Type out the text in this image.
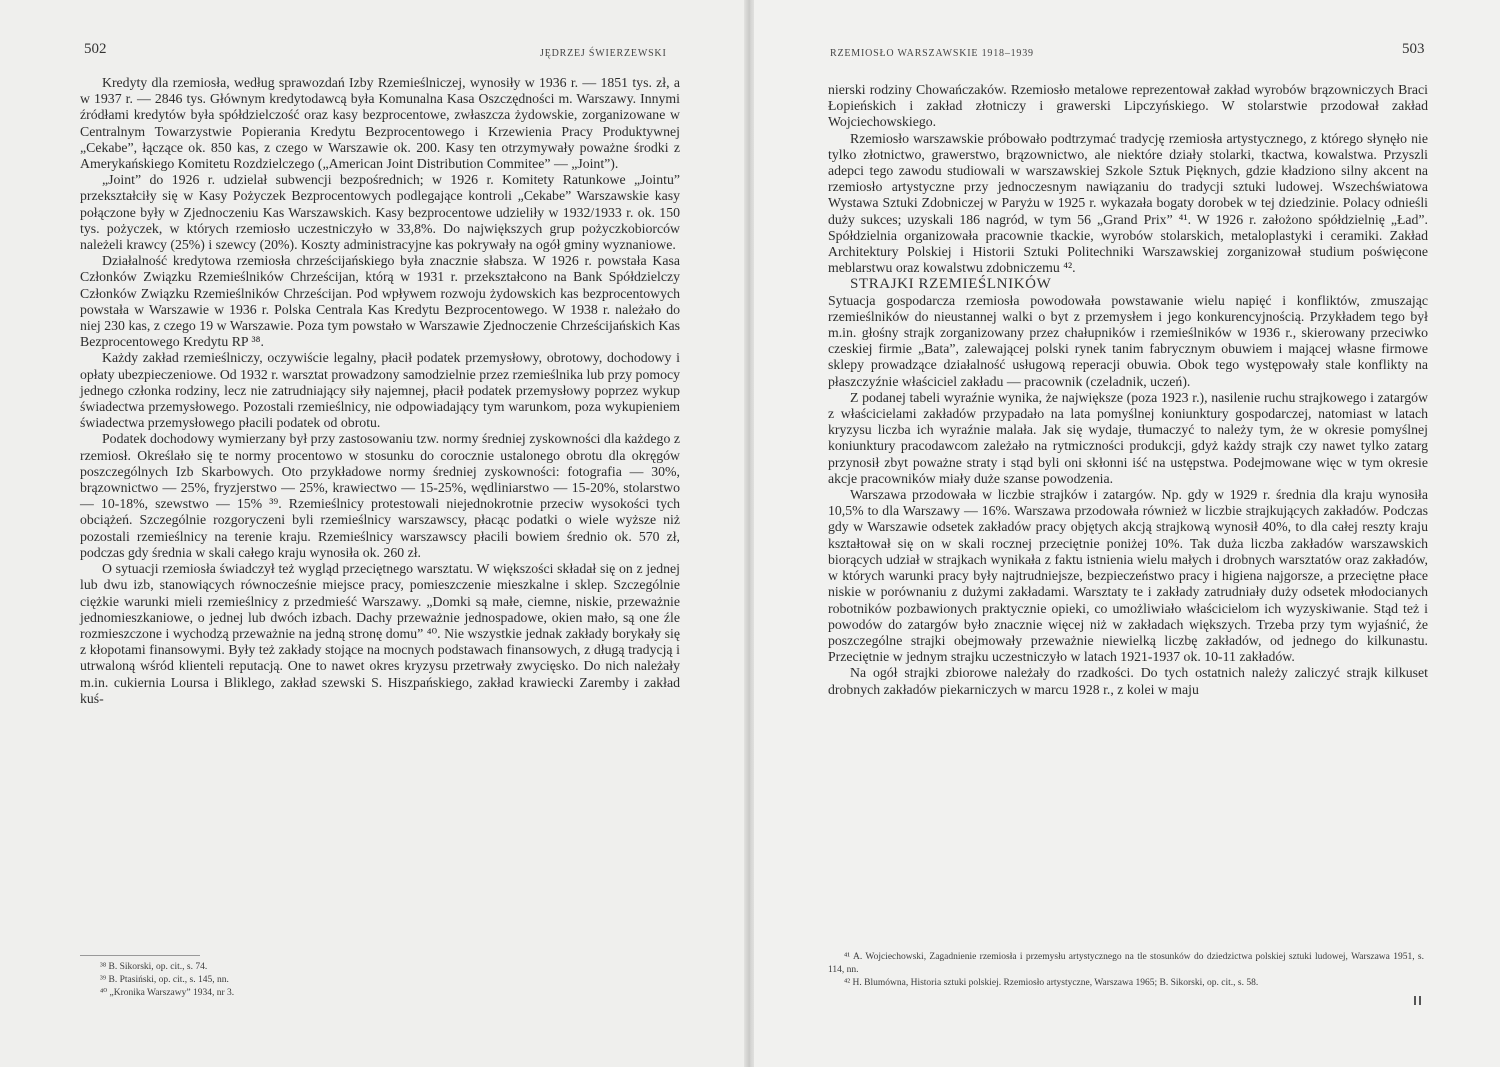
502	JĘDRZEJ ŚWIERZEWSKI

Kredyty dla rzemiosła, według sprawozdań Izby Rzemieślniczej, wynosiły w 1936 r. — 1851 tys. zł, a w 1937 r. — 2846 tys. Głównym kredytodawcą była Komunalna Kasa Oszczędności m. Warszawy. Innymi źródłami kredytów była spółdzielczość oraz kasy bezprocentowe, zwłaszcza żydowskie, zorganizowane w Centralnym Towarzystwie Popierania Kredytu Bezprocentowego i Krzewienia Pracy Produktywnej „Cekabe”, łączące ok. 850 kas, z czego w Warszawie ok. 200. Kasy ten otrzymywały poważne środki z Amerykańskiego Komitetu Rozdzielczego („American Joint Distribution Commitee” — „Joint”).

„Joint” do 1926 r. udzielał subwencji bezpośrednich; w 1926 r. Komitety Ratunkowe „Jointu” przekształciły się w Kasy Pożyczek Bezprocentowych podlegające kontroli „Cekabe” Warszawskie kasy połączone były w Zjednoczeniu Kas Warszawskich. Kasy bezprocentowe udzieliły w 1932/1933 r. ok. 150 tys. pożyczek, w których rzemiosło uczestniczyło w 33,8%. Do największych grup pożyczkobiorców należeli krawcy (25%) i szewcy (20%). Koszty administracyjne kas pokrywały na ogół gminy wyznaniowe.

Działalność kredytowa rzemiosła chrześcijańskiego była znacznie słabsza. W 1926 r. powstała Kasa Członków Związku Rzemieślników Chrześcijan, którą w 1931 r. przekształcono na Bank Spółdzielczy Członków Związku Rzemieślników Chrześcijan. Pod wpływem rozwoju żydowskich kas bezprocentowych powstała w Warszawie w 1936 r. Polska Centrala Kas Kredytu Bezprocentowego. W 1938 r. należało do niej 230 kas, z czego 19 w Warszawie. Poza tym powstało w Warszawie Zjednoczenie Chrześcijańskich Kas Bezprocentowego Kredytu RP ³⁸.

Każdy zakład rzemieślniczy, oczywiście legalny, płacił podatek przemysłowy, obrotowy, dochodowy i opłaty ubezpieczeniowe. Od 1932 r. warsztat prowadzony samodzielnie przez rzemieślnika lub przy pomocy jednego członka rodziny, lecz nie zatrudniający siły najemnej, płacił podatek przemysłowy poprzez wykup świadectwa przemysłowego. Pozostali rzemieślnicy, nie odpowiadający tym warunkom, poza wykupieniem świadectwa przemysłowego płacili podatek od obrotu.

Podatek dochodowy wymierzany był przy zastosowaniu tzw. normy średniej zyskowności dla każdego z rzemiosł. Określało się te normy procentowo w stosunku do corocznie ustalonego obrotu dla okręgów poszczególnych Izb Skarbowych. Oto przykładowe normy średniej zyskowności: fotografia — 30%, brązownictwo — 25%, fryzjerstwo — 25%, krawiectwo — 15-25%, wędliniarstwo — 15-20%, stolarstwo — 10-18%, szewstwo — 15% ³⁹. Rzemieślnicy protestowali niejednokrotnie przeciw wysokości tych obciążeń. Szczególnie rozgoryczeni byli rzemieślnicy warszawscy, płacąc podatki o wiele wyższe niż pozostali rzemieślnicy na terenie kraju. Rzemieślnicy warszawscy płacili bowiem średnio ok. 570 zł, podczas gdy średnia w skali całego kraju wynosiła ok. 260 zł.

O sytuacji rzemiosła świadczył też wygląd przeciętnego warsztatu. W większości składał się on z jednej lub dwu izb, stanowiących równocześnie miejsce pracy, pomieszczenie mieszkalne i sklep. Szczególnie ciężkie warunki mieli rzemieślnicy z przedmieść Warszawy. „Domki są małe, ciemne, niskie, przeważnie jednomieszkaniowe, o jednej lub dwóch izbach. Dachy przeważnie jednospadowe, okien mało, są one źle rozmieszczone i wychodzą przeważnie na jedną stronę domu” ⁴⁰. Nie wszystkie jednak zakłady borykały się z kłopotami finansowymi. Były też zakłady stojące na mocnych podstawach finansowych, z długą tradycją i utrwaloną wśród klienteli reputacją. One to nawet okres kryzysu przetrwały zwycięsko. Do nich należały m.in. cukiernia Loursa i Bliklego, zakład szewski S. Hiszpańskiego, zakład krawiecki Zaremby i zakład kuś-

³⁸ B. Sikorski, op. cit., s. 74.

³⁹ B. Ptasiński, op. cit., s. 145, nn.

⁴⁰ „Kronika Warszawy” 1934, nr 3.

RZEMIOSŁO WARSZAWSKIE 1918–1939	503

nierski rodziny Chowańczaków. Rzemiosło metalowe reprezentował zakład wyrobów brązowniczych Braci Łopieńskich i zakład złotniczy i grawerski Lipczyńskiego. W stolarstwie przodował zakład Wojciechowskiego.

Rzemiosło warszawskie próbowało podtrzymać tradycję rzemiosła artystycznego, z którego słynęło nie tylko złotnictwo, grawerstwo, brązownictwo, ale niektóre działy stolarki, tkactwa, kowalstwa. Przyszli adepci tego zawodu studiowali w warszawskiej Szkole Sztuk Pięknych, gdzie kładziono silny akcent na rzemiosło artystyczne przy jednoczesnym nawiązaniu do tradycji sztuki ludowej. Wszechświatowa Wystawa Sztuki Zdobniczej w Paryżu w 1925 r. wykazała bogaty dorobek w tej dziedzinie. Polacy odnieśli duży sukces; uzyskali 186 nagród, w tym 56 „Grand Prix” ⁴¹. W 1926 r. założono spółdzielnię „Ład”. Spółdzielnia organizowała pracownie tkackie, wyrobów stolarskich, metaloplastyki i ceramiki. Zakład Architektury Polskiej i Historii Sztuki Politechniki Warszawskiej zorganizował studium poświęcone meblarstwu oraz kowalstwu zdobniczemu ⁴².

STRAJKI RZEMIEŚLNIKÓW

Sytuacja gospodarcza rzemiosła powodowała powstawanie wielu napięć i konfliktów, zmuszając rzemieślników do nieustannej walki o byt z przemysłem i jego konkurencyjnością. Przykładem tego był m.in. głośny strajk zorganizowany przez chałupników i rzemieślników w 1936 r., skierowany przeciwko czeskiej firmie „Bata”, zalewającej polski rynek tanim fabrycznym obuwiem i mającej własne firmowe sklepy prowadzące działalność usługową reperacji obuwia. Obok tego występowały stale konflikty na płaszczyźnie właściciel zakładu — pracownik (czeladnik, uczeń).

Z podanej tabeli wyraźnie wynika, że największe (poza 1923 r.), nasilenie ruchu strajkowego i zatargów z właścicielami zakładów przypadało na lata pomyślnej koniunktury gospodarczej, natomiast w latach kryzysu liczba ich wyraźnie malała. Jak się wydaje, tłumaczyć to należy tym, że w okresie pomyślnej koniunktury pracodawcom zależało na rytmiczności produkcji, gdyż każdy strajk czy nawet tylko zatarg przynosił zbyt poważne straty i stąd byli oni skłonni iść na ustępstwa. Podejmowane więc w tym okresie akcje pracowników miały duże szanse powodzenia.

Warszawa przodowała w liczbie strajków i zatargów. Np. gdy w 1929 r. średnia dla kraju wynosiła 10,5% to dla Warszawy — 16%. Warszawa przodowała również w liczbie strajkujących zakładów. Podczas gdy w Warszawie odsetek zakładów pracy objętych akcją strajkową wynosił 40%, to dla całej reszty kraju kształtował się on w skali rocznej przeciętnie poniżej 10%. Tak duża liczba zakładów warszawskich biorących udział w strajkach wynikała z faktu istnienia wielu małych i drobnych warsztatów oraz zakładów, w których warunki pracy były najtrudniejsze, bezpieczeństwo pracy i higiena najgorsze, a przeciętne płace niskie w porównaniu z dużymi zakładami. Warsztaty te i zakłady zatrudniały duży odsetek młodocianych robotników pozbawionych praktycznie opieki, co umożliwiało właścicielom ich wyzyskiwanie. Stąd też i powodów do zatargów było znacznie więcej niż w zakładach większych. Trzeba przy tym wyjaśnić, że poszczególne strajki obejmowały przeważnie niewielką liczbę zakładów, od jednego do kilkunastu. Przeciętnie w jednym strajku uczestniczyło w latach 1921-1937 ok. 10-11 zakładów.

Na ogół strajki zbiorowe należały do rzadkości. Do tych ostatnich należy zaliczyć strajk kilkuset drobnych zakładów piekarniczych w marcu 1928 r., z kolei w maju

⁴¹ A. Wojciechowski, Zagadnienie rzemiosła i przemysłu artystycznego na tle stosunków do dziedzictwa polskiej sztuki ludowej, Warszawa 1951, s. 114, nn.

⁴² H. Blumówna, Historia sztuki polskiej. Rzemiosło artystyczne, Warszawa 1965; B. Sikorski, op. cit., s. 58.
